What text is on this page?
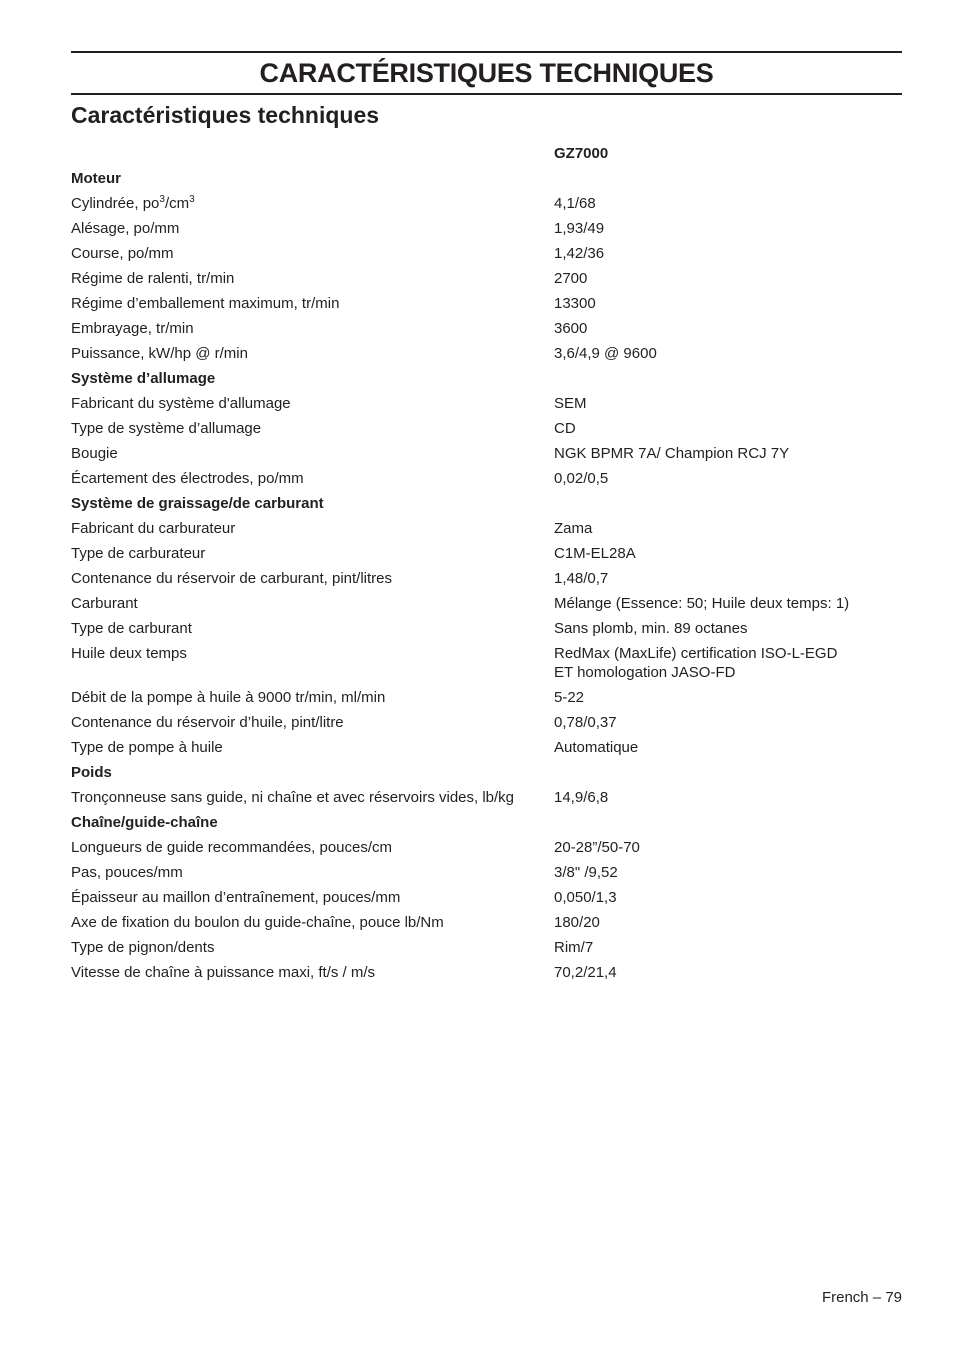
CARACTÉRISTIQUES TECHNIQUES
Caractéristiques techniques
GZ7000
Moteur
Cylindrée, $po^3/cm^3$	4,1/68
Alésage, po/mm	1,93/49
Course, po/mm	1,42/36
Régime de ralenti, tr/min	2700
Régime d’emballement maximum, tr/min	13300
Embrayage, tr/min	3600
Puissance, kW/hp @ r/min	3,6/4,9 @ 9600
Système d’allumage
Fabricant du système d'allumage	SEM
Type de système d’allumage	CD
Bougie	NGK BPMR 7A/ Champion RCJ 7Y
Écartement des électrodes, po/mm	0,02/0,5
Système de graissage/de carburant
Fabricant du carburateur	Zama
Type de carburateur	C1M-EL28A
Contenance du réservoir de carburant, pint/litres	1,48/0,7
Carburant	Mélange (Essence: 50; Huile deux temps: 1)
Type de carburant	Sans plomb, min. 89 octanes
Huile deux temps	RedMax (MaxLife) certification ISO-L-EGD
ET homologation JASO-FD
Débit de la pompe à huile à 9000 tr/min, ml/min	5-22
Contenance du réservoir d’huile, pint/litre	0,78/0,37
Type de pompe à huile	Automatique
Poids
Tronçonneuse sans guide, ni chaîne et avec réservoirs vides, lb/kg	14,9/6,8
Chaîne/guide-chaîne
Longueurs de guide recommandées, pouces/cm	20-28”/50-70
Pas, pouces/mm	3/8" /9,52
Épaisseur au maillon d’entraînement, pouces/mm	0,050/1,3
Axe de fixation du boulon du guide-chaîne, pouce lb/Nm	180/20
Type de pignon/dents	Rim/7
Vitesse de chaîne à puissance maxi, ft/s / m/s	70,2/21,4
French – 79
